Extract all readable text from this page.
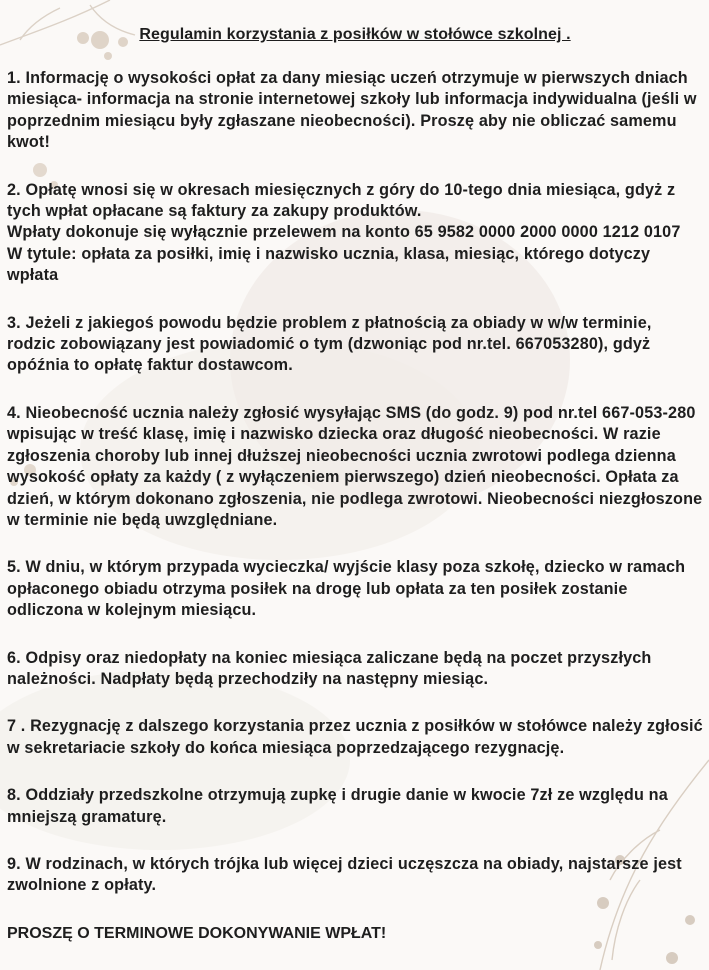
Regulamin korzystania z posiłków w stołówce szkolnej .
1. Informację o wysokości opłat za dany miesiąc uczeń otrzymuje w pierwszych dniach miesiąca- informacja na stronie internetowej szkoły lub informacja indywidualna (jeśli w poprzednim miesiącu były zgłaszane nieobecności). Proszę aby nie obliczać samemu kwot!
2. Opłatę wnosi się w okresach miesięcznych z góry do 10-tego dnia miesiąca, gdyż z tych wpłat opłacane są faktury za zakupy produktów.
Wpłaty dokonuje się wyłącznie przelewem na konto 65 9582 0000 2000 0000 1212 0107
W tytule: opłata za posiłki, imię i nazwisko ucznia, klasa, miesiąc, którego dotyczy wpłata
3. Jeżeli z jakiegoś powodu będzie problem z płatnością za obiady w w/w terminie, rodzic zobowiązany jest powiadomić o tym (dzwoniąc pod nr.tel. 667053280), gdyż opóźnia to opłatę faktur dostawcom.
4. Nieobecność ucznia należy zgłosić wysyłając SMS (do godz. 9) pod nr.tel 667-053-280 wpisując w treść klasę, imię i nazwisko dziecka oraz długość nieobecności. W razie zgłoszenia choroby lub innej dłuższej nieobecności ucznia zwrotowi podlega dzienna wysokość opłaty za każdy ( z wyłączeniem pierwszego) dzień nieobecności. Opłata za dzień, w którym dokonano zgłoszenia, nie podlega zwrotowi. Nieobecności niezgłoszone w terminie nie będą uwzględniane.
5. W dniu, w którym przypada wycieczka/ wyjście klasy poza szkołę, dziecko w ramach opłaconego obiadu otrzyma posiłek na drogę lub opłata za ten posiłek zostanie odliczona w kolejnym miesiącu.
6. Odpisy oraz niedopłaty na koniec miesiąca zaliczane będą na poczet przyszłych należności. Nadpłaty będą przechodziły na następny miesiąc.
7 . Rezygnację z dalszego korzystania przez ucznia z posiłków w stołówce należy zgłosić w sekretariacie szkoły do końca miesiąca poprzedzającego rezygnację.
8. Oddziały przedszkolne otrzymują zupkę i drugie danie w kwocie 7zł ze względu na mniejszą gramaturę.
9. W rodzinach, w których trójka lub więcej dzieci uczęszcza na obiady, najstarsze jest zwolnione z opłaty.
PROSZĘ O TERMINOWE DOKONYWANIE WPŁAT!
